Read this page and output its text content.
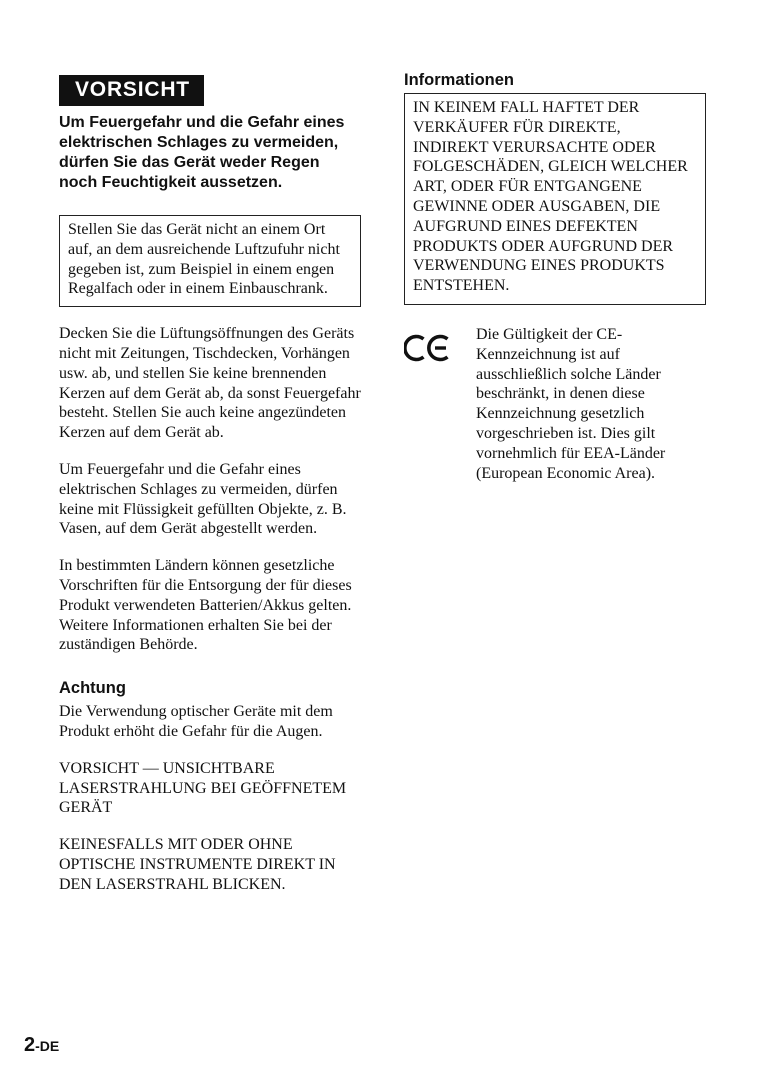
VORSICHT
Um Feuergefahr und die Gefahr eines elektrischen Schlages zu vermeiden, dürfen Sie das Gerät weder Regen noch Feuchtigkeit aussetzen.
Stellen Sie das Gerät nicht an einem Ort auf, an dem ausreichende Luftzufuhr nicht gegeben ist, zum Beispiel in einem engen Regalfach oder in einem Einbauschrank.

Decken Sie die Lüftungsöffnungen des Geräts nicht mit Zeitungen, Tischdecken, Vorhängen usw. ab, und stellen Sie keine brennenden Kerzen auf dem Gerät ab, da sonst Feuergefahr besteht. Stellen Sie auch keine angezündeten Kerzen auf dem Gerät ab.

Um Feuergefahr und die Gefahr eines elektrischen Schlages zu vermeiden, dürfen keine mit Flüssigkeit gefüllten Objekte, z. B. Vasen, auf dem Gerät abgestellt werden.

In bestimmten Ländern können gesetzliche Vorschriften für die Entsorgung der für dieses Produkt verwendeten Batterien/Akkus gelten. Weitere Informationen erhalten Sie bei der zuständigen Behörde.

Achtung

Die Verwendung optischer Geräte mit dem Produkt erhöht die Gefahr für die Augen.

VORSICHT — UNSICHTBARE LASERSTRAHLUNG BEI GEÖFFNETEM GERÄT

KEINESFALLS MIT ODER OHNE OPTISCHE INSTRUMENTE DIREKT IN DEN LASERSTRAHL BLICKEN.

Informationen
IN KEINEM FALL HAFTET DER VERKÄUFER FÜR DIREKTE, INDIREKT VERURSACHTE ODER FOLGESCHÄDEN, GLEICH WELCHER ART, ODER FÜR ENTGANGENE GEWINNE ODER AUSGABEN, DIE AUFGRUND EINES DEFEKTEN PRODUKTS ODER AUFGRUND DER VERWENDUNG EINES PRODUKTS ENTSTEHEN.
Die Gültigkeit der CE-Kennzeichnung ist auf ausschließlich solche Länder beschränkt, in denen diese Kennzeichnung gesetzlich vorgeschrieben ist. Dies gilt vornehmlich für EEA-Länder (European Economic Area).
2-DE
